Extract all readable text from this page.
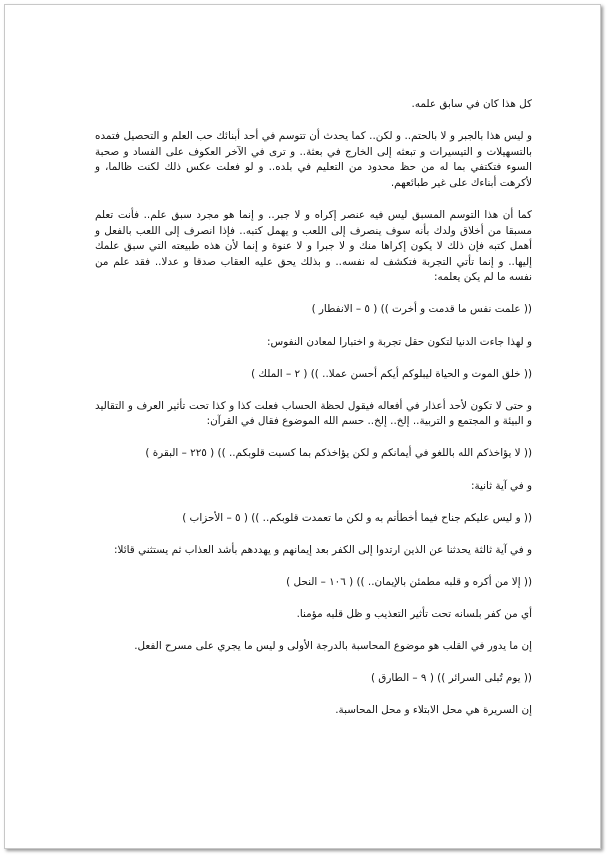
كل هذا كان في سابق علمه.

و ليس هذا بالجبر و لا بالحتم.. و لكن.. كما يحدث أن تتوسم في أحد أبنائك حب العلم و التحصيل فتمده بالتسهيلات و التيسيرات و تبعثه إلى الخارج في بعثة.. و ترى في الآخر العكوف على الفساد و صحبة السوء فتكتفي بما له من حظ محدود من التعليم في بلده.. و لو فعلت عكس ذلك لكنت ظالما، و لأكرهت أبناءك على غير طبائعهم.

كما أن هذا التوسم المسبق ليس فيه عنصر إكراه و لا جبر.. و إنما هو مجرد سبق علم.. فأنت تعلم مسبقا من أخلاق ولدك بأنه سوف ينصرف إلى اللعب و يهمل كتبه.. فإذا انصرف إلى اللعب بالفعل و أهمل كتبه فإن ذلك لا يكون إكراها منك و لا جبرا و لا عنوة و إنما لأن هذه طبيعته التي سبق علمك إليها.. و إنما تأتي التجربة فتكشف له نفسه.. و بذلك يحق عليه العقاب صدقا و عدلا.. فقد علم من نفسه ما لم يكن يعلمه:

(( علمت نفس ما قدمت و أخرت )) ( ٥ – الانفطار )

و لهذا جاءت الدنيا لتكون حقل تجربة و اختبارا لمعادن النفوس:

(( خلق الموت و الحياة ليبلوكم أيكم أحسن عملا.. )) ( ٢ – الملك )

و حتى لا تكون لأحد أعذار في أفعاله فيقول لحظة الحساب فعلت كذا و كذا تحت تأثير العرف و التقاليد و البيئة و المجتمع و التربية.. إلخ.. إلخ.. حسم الله الموضوع فقال في القرآن:

(( لا يؤاخذكم الله باللغو في أيمانكم و لكن يؤاخذكم بما كسبت قلوبكم.. )) ( ٢٢٥ – البقرة )

و في آية ثانية:

(( و ليس عليكم جناح فيما أخطأتم به و لكن ما تعمدت قلوبكم.. )) ( ٥ – الأحزاب )

و في آية ثالثة يحدثنا عن الذين ارتدوا إلى الكفر بعد إيمانهم و يهددهم بأشد العذاب ثم يستثني قائلا:

(( إلا من أكره و قلبه مطمئن بالإيمان.. )) ( ١٠٦ – النحل )

أي من كفر بلسانه تحت تأثير التعذيب و ظل قلبه مؤمنا.

إن ما يدور في القلب هو موضوع المحاسبة بالدرجة الأولى و ليس ما يجري على مسرح الفعل.

(( يوم تُبلى السرائر )) ( ٩ – الطارق )

إن السريرة هي محل الابتلاء و محل المحاسبة.
